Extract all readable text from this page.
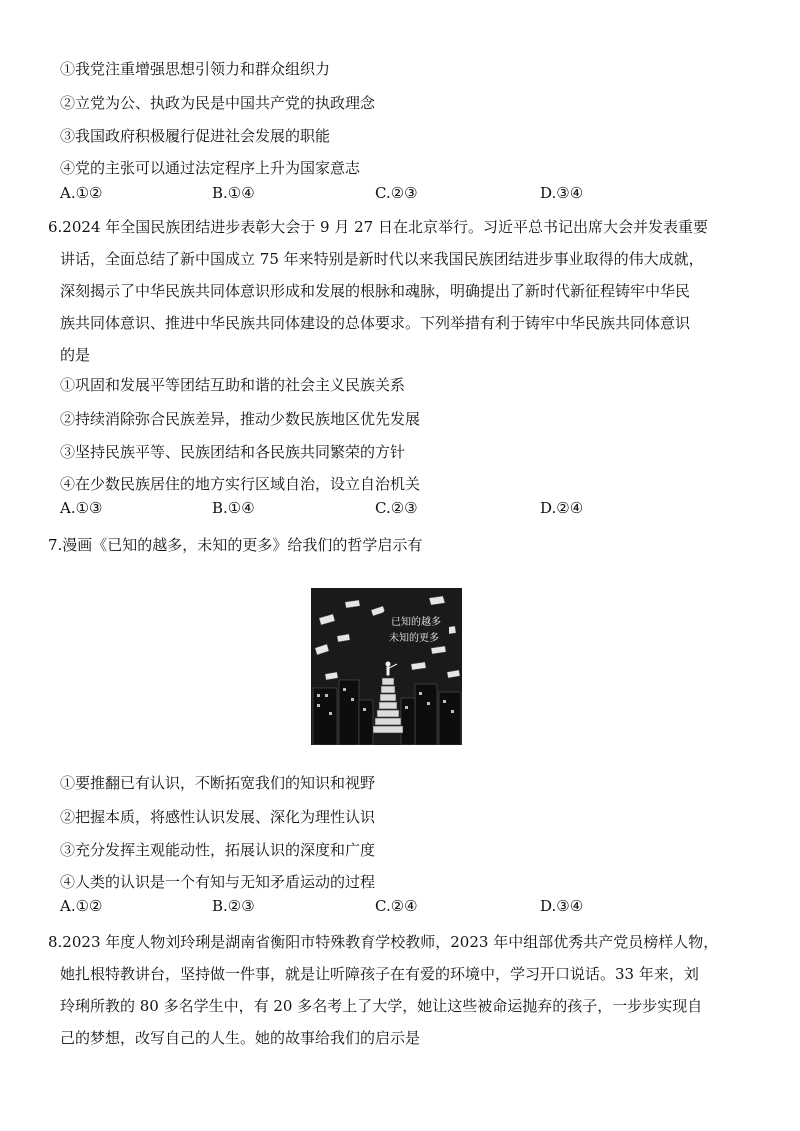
①我党注重增强思想引领力和群众组织力
②立党为公、执政为民是中国共产党的执政理念
③我国政府积极履行促进社会发展的职能
④党的主张可以通过法定程序上升为国家意志
A.①②	B.①④	C.②③	D.③④
6.2024 年全国民族团结进步表彰大会于 9 月 27 日在北京举行。习近平总书记出席大会并发表重要
讲话，全面总结了新中国成立 75 年来特别是新时代以来我国民族团结进步事业取得的伟大成就，
深刻揭示了中华民族共同体意识形成和发展的根脉和魂脉，明确提出了新时代新征程铸牢中华民
族共同体意识、推进中华民族共同体建设的总体要求。下列举措有利于铸牢中华民族共同体意识
的是
①巩固和发展平等团结互助和谐的社会主义民族关系
②持续消除弥合民族差异，推动少数民族地区优先发展
③坚持民族平等、民族团结和各民族共同繁荣的方针
④在少数民族居住的地方实行区域自治，设立自治机关
A.①③	B.①④	C.②③	D.②④
7.漫画《已知的越多，未知的更多》给我们的哲学启示有
已知的越多
未知的更多
①要推翻已有认识，不断拓宽我们的知识和视野
②把握本质，将感性认识发展、深化为理性认识
③充分发挥主观能动性，拓展认识的深度和广度
④人类的认识是一个有知与无知矛盾运动的过程
A.①②	B.②③	C.②④	D.③④
8.2023 年度人物刘玲琍是湖南省衡阳市特殊教育学校教师，2023 年中组部优秀共产党员榜样人物，
她扎根特教讲台，坚持做一件事，就是让听障孩子在有爱的环境中，学习开口说话。33 年来，刘
玲琍所教的 80 多名学生中，有 20 多名考上了大学，她让这些被命运抛弃的孩子，一步步实现自
己的梦想，改写自己的人生。她的故事给我们的启示是
